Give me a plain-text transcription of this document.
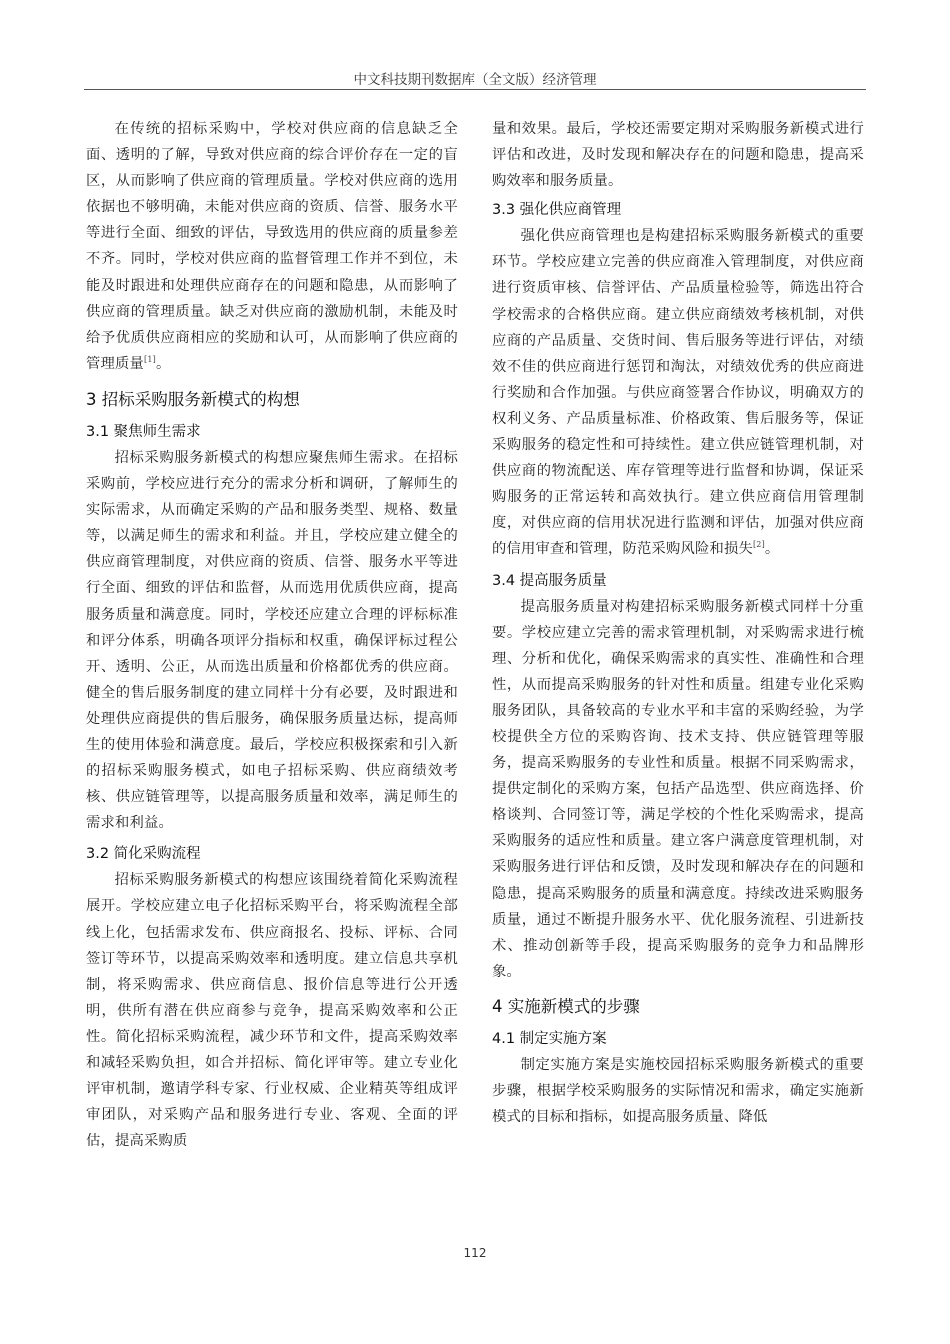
中文科技期刊数据库（全文版）经济管理

在传统的招标采购中，学校对供应商的信息缺乏全面、透明的了解，导致对供应商的综合评价存在一定的盲区，从而影响了供应商的管理质量。学校对供应商的选用依据也不够明确，未能对供应商的资质、信誉、服务水平等进行全面、细致的评估，导致选用的供应商的质量参差不齐。同时，学校对供应商的监督管理工作并不到位，未能及时跟进和处理供应商存在的问题和隐患，从而影响了供应商的管理质量。缺乏对供应商的激励机制，未能及时给予优质供应商相应的奖励和认可，从而影响了供应商的管理质量[1]。

3 招标采购服务新模式的构想
3.1 聚焦师生需求

招标采购服务新模式的构想应聚焦师生需求。在招标采购前，学校应进行充分的需求分析和调研，了解师生的实际需求，从而确定采购的产品和服务类型、规格、数量等，以满足师生的需求和利益。并且，学校应建立健全的供应商管理制度，对供应商的资质、信誉、服务水平等进行全面、细致的评估和监督，从而选用优质供应商，提高服务质量和满意度。同时，学校还应建立合理的评标标准和评分体系，明确各项评分指标和权重，确保评标过程公开、透明、公正，从而选出质量和价格都优秀的供应商。健全的售后服务制度的建立同样十分有必要，及时跟进和处理供应商提供的售后服务，确保服务质量达标，提高师生的使用体验和满意度。最后，学校应积极探索和引入新的招标采购服务模式，如电子招标采购、供应商绩效考核、供应链管理等，以提高服务质量和效率，满足师生的需求和利益。

3.2 简化采购流程

招标采购服务新模式的构想应该围绕着简化采购流程展开。学校应建立电子化招标采购平台，将采购流程全部线上化，包括需求发布、供应商报名、投标、评标、合同签订等环节，以提高采购效率和透明度。建立信息共享机制，将采购需求、供应商信息、报价信息等进行公开透明，供所有潜在供应商参与竞争，提高采购效率和公正性。简化招标采购流程，减少环节和文件，提高采购效率和减轻采购负担，如合并招标、简化评审等。建立专业化评审机制，邀请学科专家、行业权威、企业精英等组成评审团队，对采购产品和服务进行专业、客观、全面的评估，提高采购质

量和效果。最后，学校还需要定期对采购服务新模式进行评估和改进，及时发现和解决存在的问题和隐患，提高采购效率和服务质量。

3.3 强化供应商管理

强化供应商管理也是构建招标采购服务新模式的重要环节。学校应建立完善的供应商准入管理制度，对供应商进行资质审核、信誉评估、产品质量检验等，筛选出符合学校需求的合格供应商。建立供应商绩效考核机制，对供应商的产品质量、交货时间、售后服务等进行评估，对绩效不佳的供应商进行惩罚和淘汰，对绩效优秀的供应商进行奖励和合作加强。与供应商签署合作协议，明确双方的权利义务、产品质量标准、价格政策、售后服务等，保证采购服务的稳定性和可持续性。建立供应链管理机制，对供应商的物流配送、库存管理等进行监督和协调，保证采购服务的正常运转和高效执行。建立供应商信用管理制度，对供应商的信用状况进行监测和评估，加强对供应商的信用审查和管理，防范采购风险和损失[2]。

3.4 提高服务质量

提高服务质量对构建招标采购服务新模式同样十分重要。学校应建立完善的需求管理机制，对采购需求进行梳理、分析和优化，确保采购需求的真实性、准确性和合理性，从而提高采购服务的针对性和质量。组建专业化采购服务团队，具备较高的专业水平和丰富的采购经验，为学校提供全方位的采购咨询、技术支持、供应链管理等服务，提高采购服务的专业性和质量。根据不同采购需求，提供定制化的采购方案，包括产品选型、供应商选择、价格谈判、合同签订等，满足学校的个性化采购需求，提高采购服务的适应性和质量。建立客户满意度管理机制，对采购服务进行评估和反馈，及时发现和解决存在的问题和隐患，提高采购服务的质量和满意度。持续改进采购服务质量，通过不断提升服务水平、优化服务流程、引进新技术、推动创新等手段，提高采购服务的竞争力和品牌形象。

4 实施新模式的步骤
4.1 制定实施方案

制定实施方案是实施校园招标采购服务新模式的重要步骤，根据学校采购服务的实际情况和需求，确定实施新模式的目标和指标，如提高服务质量、降低

112
